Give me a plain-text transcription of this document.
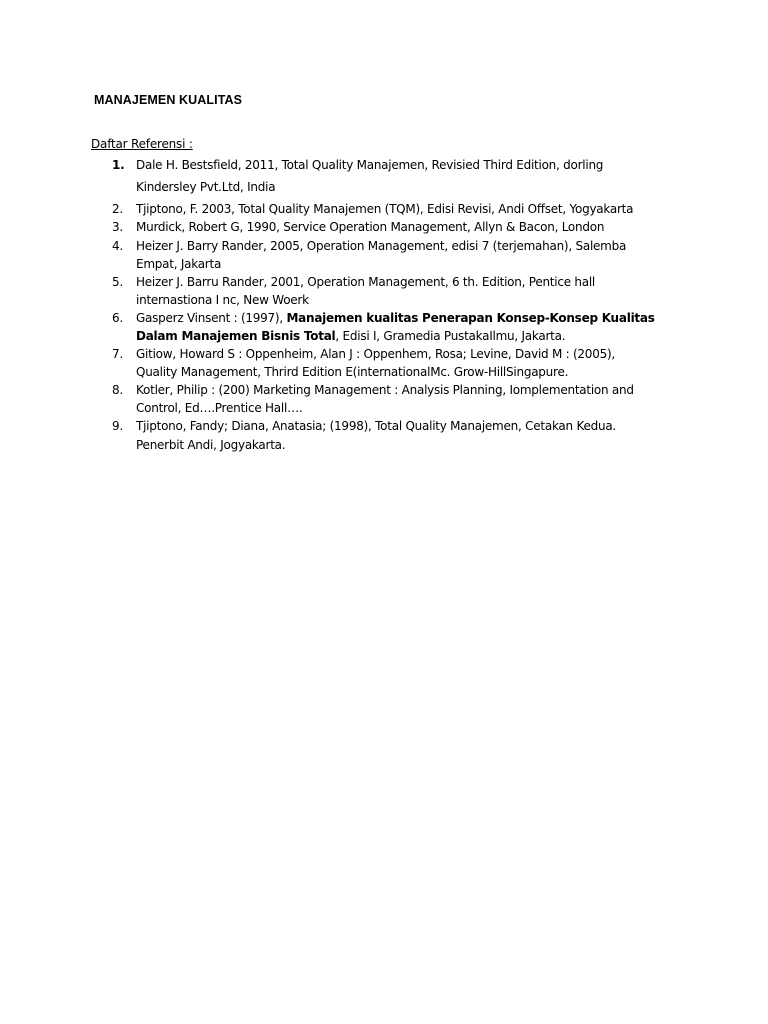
MANAJEMEN KUALITAS
Daftar Referensi :
1. Dale H. Bestsfield, 2011, Total Quality Manajemen, Revisied Third Edition, dorling
Kindersley Pvt.Ltd, India
2.	Tjiptono, F. 2003, Total Quality Manajemen (TQM), Edisi Revisi, Andi Offset, Yogyakarta
3.	Murdick, Robert G, 1990, Service Operation Management, Allyn & Bacon, London
4.	Heizer J. Barry Rander, 2005, Operation Management, edisi 7 (terjemahan), Salemba
Empat, Jakarta
5.	Heizer J. Barru Rander, 2001, Operation Management, 6 th. Edition, Pentice hall
internastiona I nc, New Woerk
6.	Gasperz Vinsent : (1997), Manajemen kualitas Penerapan Konsep-Konsep Kualitas
Dalam Manajemen Bisnis Total, Edisi I, Gramedia PustakaIlmu, Jakarta.
7.	Gitiow, Howard S : Oppenheim, Alan J : Oppenhem, Rosa; Levine, David M : (2005),
Quality Management, Thrird Edition E(internationalMc. Grow-HillSingapure.
8.	Kotler, Philip : (200) Marketing Management : Analysis Planning, Iomplementation and
Control, Ed….Prentice Hall….
9.	Tjiptono, Fandy; Diana, Anatasia; (1998), Total Quality Manajemen, Cetakan Kedua.
Penerbit Andi, Jogyakarta.
